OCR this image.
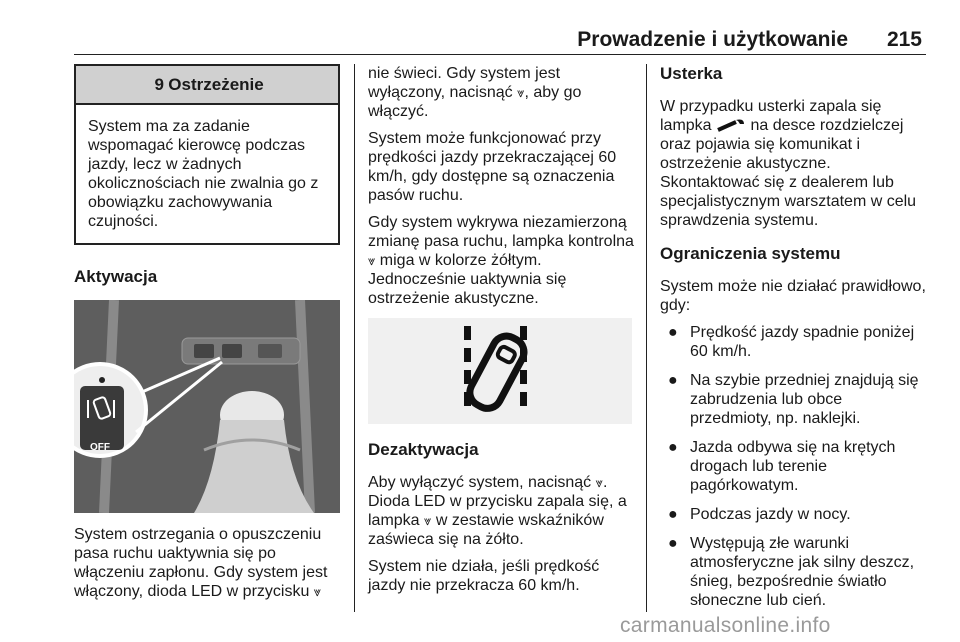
Prowadzenie i użytkowanie 215
9 Ostrzeżenie
System ma za zadanie wspomagać kierowcę podczas jazdy, lecz w żadnych okolicznościach nie zwalnia go z obowiązku zachowywania czujności.
Aktywacja
OFF

System ostrzegania o opuszczeniu pasa ruchu uaktywnia się po włączeniu zapłonu. Gdy system jest włączony, dioda LED w przycisku ⩔

nie świeci. Gdy system jest wyłączony, nacisnąć ⩔, aby go włączyć.

System może funkcjonować przy prędkości jazdy przekraczającej 60 km/h, gdy dostępne są oznaczenia pasów ruchu.

Gdy system wykrywa niezamierzoną zmianę pasa ruchu, lampka kontrolna ⩔ miga w kolorze żółtym. Jednocześnie uaktywnia się ostrzeżenie akustyczne.

Dezaktywacja

Aby wyłączyć system, nacisnąć ⩔. Dioda LED w przycisku zapala się, a lampka ⩔ w zestawie wskaźników zaświeca się na żółto.

System nie działa, jeśli prędkość jazdy nie przekracza 60 km/h.

Usterka

W przypadku usterki zapala się lampka  na desce rozdzielczej oraz pojawia się komunikat i ostrzeżenie akustyczne. Skontaktować się z dealerem lub specjalistycznym warsztatem w celu sprawdzenia systemu.

Ograniczenia systemu

System może nie działać prawidłowo, gdy:

● Prędkość jazdy spadnie poniżej 60 km/h.
● Na szybie przedniej znajdują się zabrudzenia lub obce przedmioty, np. naklejki.
● Jazda odbywa się na krętych drogach lub terenie pagórkowatym.
● Podczas jazdy w nocy.
● Występują złe warunki atmosferyczne jak silny deszcz, śnieg, bezpośrednie światło słoneczne lub cień.
carmanualsonline.info
